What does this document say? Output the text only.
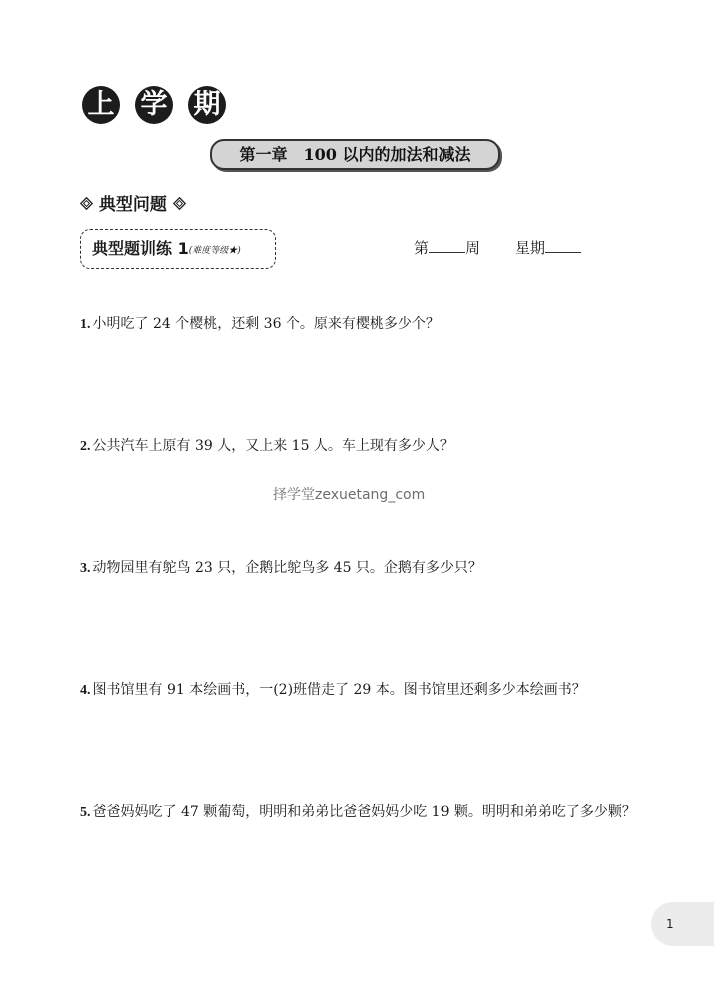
上 学 期
第一章　100 以内的加法和减法
典型问题
典型题训练 1(难度等级★)	第 周 星期
1. 小明吃了 24 个樱桃，还剩 36 个。原来有樱桃多少个？
2. 公共汽车上原有 39 人，又上来 15 人。车上现有多少人？
3. 动物园里有鸵鸟 23 只，企鹅比鸵鸟多 45 只。企鹅有多少只？
4. 图书馆里有 91 本绘画书，一(2)班借走了 29 本。图书馆里还剩多少本绘画书？
5. 爸爸妈妈吃了 47 颗葡萄，明明和弟弟比爸爸妈妈少吃 19 颗。明明和弟弟吃了多少颗？
择学堂zexuetang_com
1
